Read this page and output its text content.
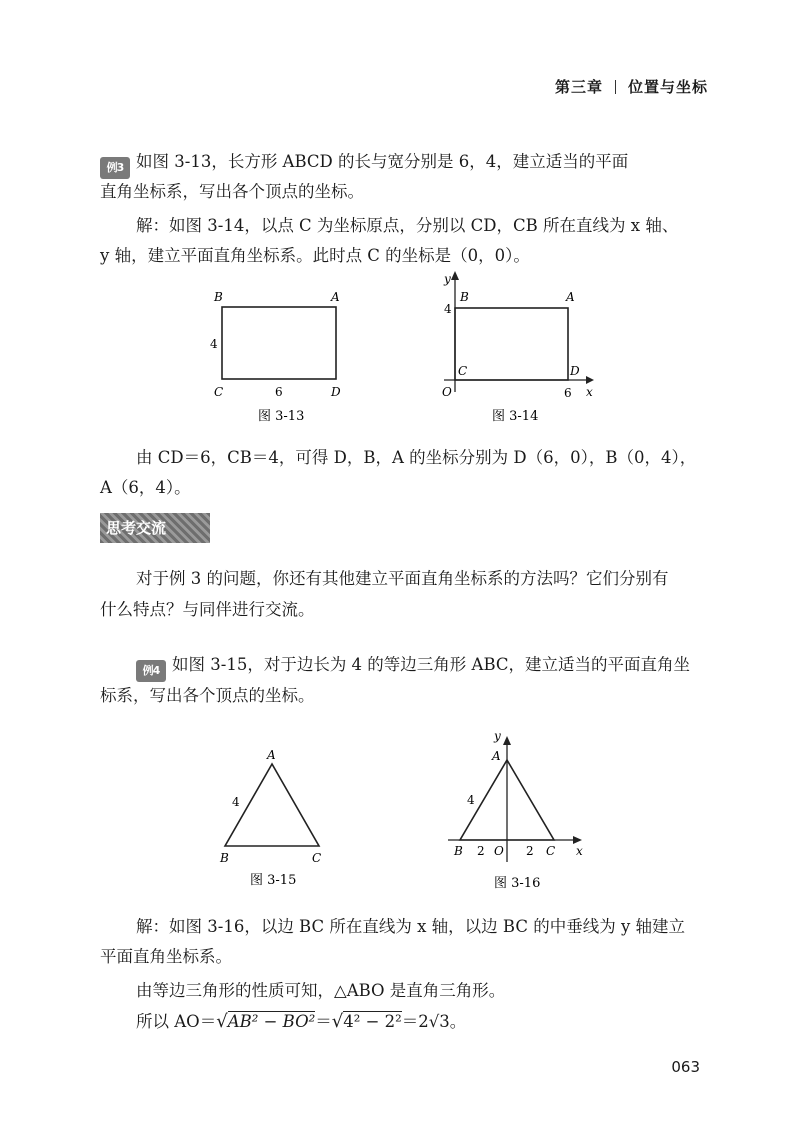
第三章 位置与坐标
例3 如图 3-13，长方形 ABCD 的长与宽分别是 6，4，建立适当的平面
直角坐标系，写出各个顶点的坐标。
解：如图 3-14，以点 C 为坐标原点，分别以 CD，CB 所在直线为 x 轴、
y 轴，建立平面直角坐标系。此时点 C 的坐标是（0，0）。
B	A
C	D
6
4
图 3-13
B	A
C	D
O	x
y
4
6
图 3-14
由 CD＝6，CB＝4，可得 D，B，A 的坐标分别为 D（6，0），B（0，4），
A（6，4）。
思考交流
对于例 3 的问题，你还有其他建立平面直角坐标系的方法吗？它们分别有
什么特点？与同伴进行交流。
例4 如图 3-15，对于边长为 4 的等边三角形 ABC，建立适当的平面直角坐
标系，写出各个顶点的坐标。
A
B	C
4
图 3-15
y
A
4
B 2 O 2 C x
图 3-16
解：如图 3-16，以边 BC 所在直线为 x 轴，以边 BC 的中垂线为 y 轴建立
平面直角坐标系。
由等边三角形的性质可知，△ABO 是直角三角形。
所以 AO＝√AB² − BO²＝√4² − 2²＝2√3。
063
